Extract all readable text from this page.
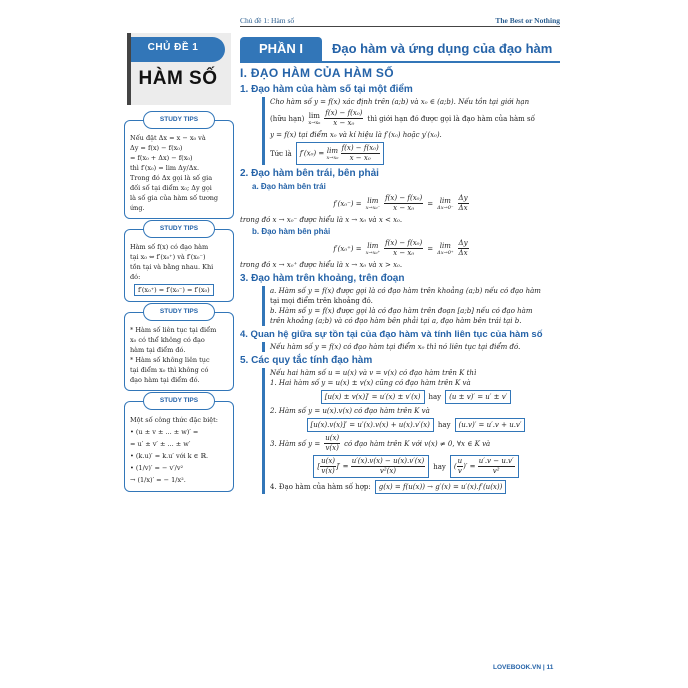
Chủ đề 1: Hàm số	The Best or Nothing
CHỦ ĐỀ 1
HÀM SỐ
PHẦN I	Đạo hàm và ứng dụng của đạo hàm
I. ĐẠO HÀM CỦA HÀM SỐ
1. Đạo hàm của hàm số tại một điểm
Cho hàm số y = f(x) xác định trên (a;b) và x₀ ∈ (a;b). Nếu tồn tại giới hạn
(hữu hạn) lim
$x\to x_0 \frac{\text{f(x) − f(x₀)}}{\text{x − x₀}}$ thì giới hạn đó được gọi là đạo hàm của hàm số
y = f(x) tại điểm x₀ và kí hiệu là f′(x₀) hoặc y′(x₀).
Tức là	f′(x₀) = lim
x→x₀
$\frac{\text{f(x) − f(x₀)}}{\text{x − x₀}}$
2. Đạo hàm bên trái, bên phải
a. Đạo hàm bên trái
f′(x₀⁻) = lim
$x\to x_0^- \frac{\text{f(x) − f(x₀)}}{\text{x − x₀}} = \lim$
$\Delta x\to 0^- \frac{\Delta y}{\Delta x}$
trong đó x → x₀⁻ được hiểu là x → x₀ và x < x₀.
b. Đạo hàm bên phải
f′(x₀⁺) = lim
$x\to x_0^+ \frac{\text{f(x) − f(x₀)}}{\text{x − x₀}} = \lim$
$\Delta x\to 0^+ \frac{\Delta y}{\Delta x}$
trong đó x → x₀⁺ được hiểu là x → x₀ và x > x₀.
3. Đạo hàm trên khoảng, trên đoạn
a. Hàm số y = f(x) được gọi là có đạo hàm trên khoảng (a;b) nếu có đạo hàm
tại mọi điểm trên khoảng đó.
b. Hàm số y = f(x) được gọi là có đạo hàm trên đoạn [a;b] nếu có đạo hàm
trên khoảng (a;b) và có đạo hàm bên phải tại a, đạo hàm bên trái tại b.
4. Quan hệ giữa sự tồn tại của đạo hàm và tính liên tục của hàm số
Nếu hàm số y = f(x) có đạo hàm tại điểm x₀ thì nó liên tục tại điểm đó.
5. Các quy tắc tính đạo hàm
Nếu hai hàm số u = u(x) và v = v(x) có đạo hàm trên K thì
1. Hai hàm số y = u(x) ± v(x) cũng có đạo hàm trên K và
[u(x) ± v(x)]′ = u′(x) ± v′(x)	hay	(u ± v)′ = u′ ± v′
2. Hàm số y = u(x).v(x) có đạo hàm trên K và
[u(x).v(x)]′ = u′(x).v(x) + u(x).v′(x)	hay	(u.v)′ = u′.v + u.v′
3. Hàm số $y = \frac{u(x)}{v(x)}$ có đạo hàm trên K với v(x) ≠ 0, ∀x ∈ K và
[ $\frac{u(x)}{v(x)}$ ]′ = $\frac{u'(x).v(x) - u(x).v'(x)}{\text{v²(x)}}$ hay	( $\frac{u}{v}$ )′ = $\frac{u'.v - u.v'}{\text{v²}}$
4. Đạo hàm của hàm số hợp:	g(x) = f(u(x)) → g′(x) = u′(x).f′(u(x))
STUDY TIPS
Nếu đặt Δx = x − x₀ và
Δy = f(x) − f(x₀)
= f(x₀ + Δx) − f(x₀)
thì f′(x₀) = lim Δy/Δx.
Trong đó Δx gọi là số gia
đối số tại điểm x₀; Δy gọi
là số gia của hàm số tương
ứng.
STUDY TIPS
Hàm số f(x) có đạo hàm
tại x₀ ⇔ f′(x₀⁺) và f′(x₀⁻)
tồn tại và bằng nhau. Khi
đó:
f′(x₀⁺) = f′(x₀⁻) = f′(x₀)
STUDY TIPS
* Hàm số liên tục tại điểm
x₀ có thể không có đạo
hàm tại điểm đó.
* Hàm số không liên tục
tại điểm x₀ thì không có
đạo hàm tại điểm đó.
STUDY TIPS
Một số công thức đặc biệt:
• (u ± v ± ... ± w)′ =
= u′ ± v′ ± ... ± w′
• (k.u)′ = k.u′ với k ∈ ℝ.
• (1/v)′ = − v′/v²
→ (1/x)′ = − 1/x².
LOVEBOOK.VN | 11
